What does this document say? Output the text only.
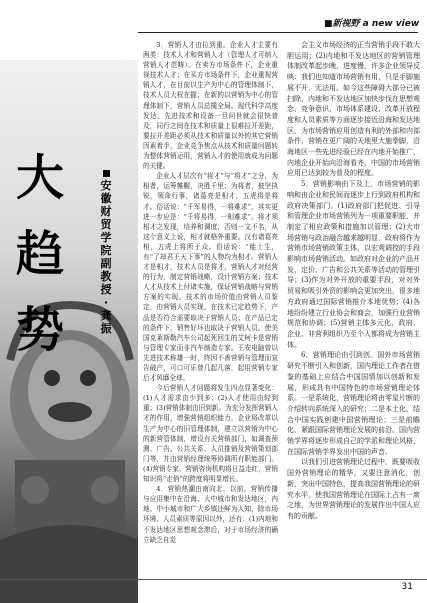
■新视野 a new view
大
趋
势
安
徽
财
贸
学
院
副
教
授
·
龚
振

3．营销人才由拉到重。企业人才主要有两类：技术人才和营销人才（管理人才可纳入营销人才范畴）。在卖方市场条件下，企业重视技术人才；在买方市场条件下，企业重视营销人才，在目前以生产为中心的管理体制下，技术人员大权在握；在新的以营销为中心的管理体制下，营销人员总揽全局。现代科学高度发达，先进技术和设备一旦问世就会很快普及，同行之间在技术和质量上很难拉开差距，要拉开差距必须从技术和质量以外的其它营销因素着手，企业竞争焦点从技术和质量问题转为整体营销运用，营销人才的使用就成为问题的关键。

企业人才层次有“将才”与“将才”之分，为相者，运筹帷幄，决胜千里；为将者，披坚执锐，领命行事，诸葛亮是相才，五虎将是将才。俗话说：“千军易得，一将难求”，其实更进一步应是：“千将易得，一相难求”。将才须相才之发现，培养和调度，否则一文不名，从这个意义上说，相才就格外重要。汉有诸葛亮相，五虎上将所于众。俗话说：“能士生，有“了却君王天下事”的人物均为相才。营销人才是相才，技术人员是将才，营销人才对经营的行为，制定营销战略，设计营销方案；技术人才从技术上付诸实施，保证营销战略与营销方案的实现。技术的市场价值由营销人员鉴定，由营销人员实现，在技术已定趋势下，产品是否符合需要取决于营销人员；在产品已定的条件下，销售好坏也取决于营销人员。使美国克莱斯勒汽车公司起死回生的艾柯卡是营销与管理专家而非汽车制造专家。王安电脑曾以先进技术称雄一时，终因不善营销与管理而宣告破产，可口可乐曾几起几落，起用营销专家后才风靡全球。

今后营销人才问题将发生四点显著变化：(1)人才需求由少到多；(2)人才使用由轻到重；(3)营销体制由旧到新。为充分发挥营销人才的作用，增强营销组织能力，企业将改革以生产为中心的旧管理体制，建立以营销为中心的新营管体制，增设有关营销部门，如调查预测、广告、公共关系、人员推销及营销策划部门等，并由营销经理统筹协调所有职能部门。(4)营销专家、营销咨询机构将日益走红，营销知识将“走俏”的跨度将明显增长。

4．营销热潮由南向北，以前，营销传播与应用集中在沿海、大中城市和发达地区，内地、中小城市和广大乡镇还鲜为人知，除市场环境、人员素质等原因以外，还有：(1)内地和不发达地区思想观念滞后，对于市场经济的确立缺乏自觉

会主义市场经济的正当营销手段不敢大胆运用；(2)内地和不发达地区的营销管理体制改革起步晚，进度慢，许多企业领导反映：我们也知道市场营销有用，只是手脚施展不开，无法用。如今这些障碍大部分已被扫除，内地和不发达地区加快步伐在思想观念、竞争意识、市场体系建设、改革开放程度和人员素质等方面逐步接近沿海和发达地区，为市场营销应用创造有利的外部和内部条件，营销在更广阔的天地里大施拳脚，沿海地区一些先进经验已经在内地开始推广，内地企业开始向沿海看齐，中国的市场营销应用已达到较为普及的程度。

5．营销影响由下及上，市场营销的影响和由企业和民间而逐步上行到政府机构和政府决策部门。(1)政府部门把促进、引导和管理企业市场营销列为一项重要职能，并制定了相应政策和措施加以管理；(2)大市场营销与政治融合越来越明显，政府将作为营销市场营销政策主体，以宏观调控的手段影响市场营销活动。如政府对企业的产品开发、定价、广告和公共关系等活动的管理引导；(3)作为对外开放的重要手段，对对外贸易和吸引外资的影响会更加突出，很多地方政府通过国际营销推介本地优势；(4)各地纷纷建立行业协会和商会，加强行业营销规范和协调；(5)营销主体多元化，政府、企业、非营利组织乃至个人都将成为营销主体。

6．营销理论由引到创。国外市场营销研究不断引入和创新，国内理论工作者在借鉴的基础上应结合中国国情加以创新和发展，形成具有中国特色的市场营销理论体系。一是系统化，营销理论将由零星片断的介绍转向系统深入的研究；二是本土化，结合中国实践创建中国营销理论；三是前瞻化，紧跟国际营销理论发展的前沿。国内营销学界将逐步形成自己的学派和理论风格，在国际营销学界发出中国的声音。

以我们引进营销理论过程中，既要吸收国外营销理论的精华，又要注意消化，创新，突出中国特色，提高我国营销理论的研究水平，使我国营销理论在国际上占有一席之地，为世界营销理论的发展作出中国人应有的贡献。

31
